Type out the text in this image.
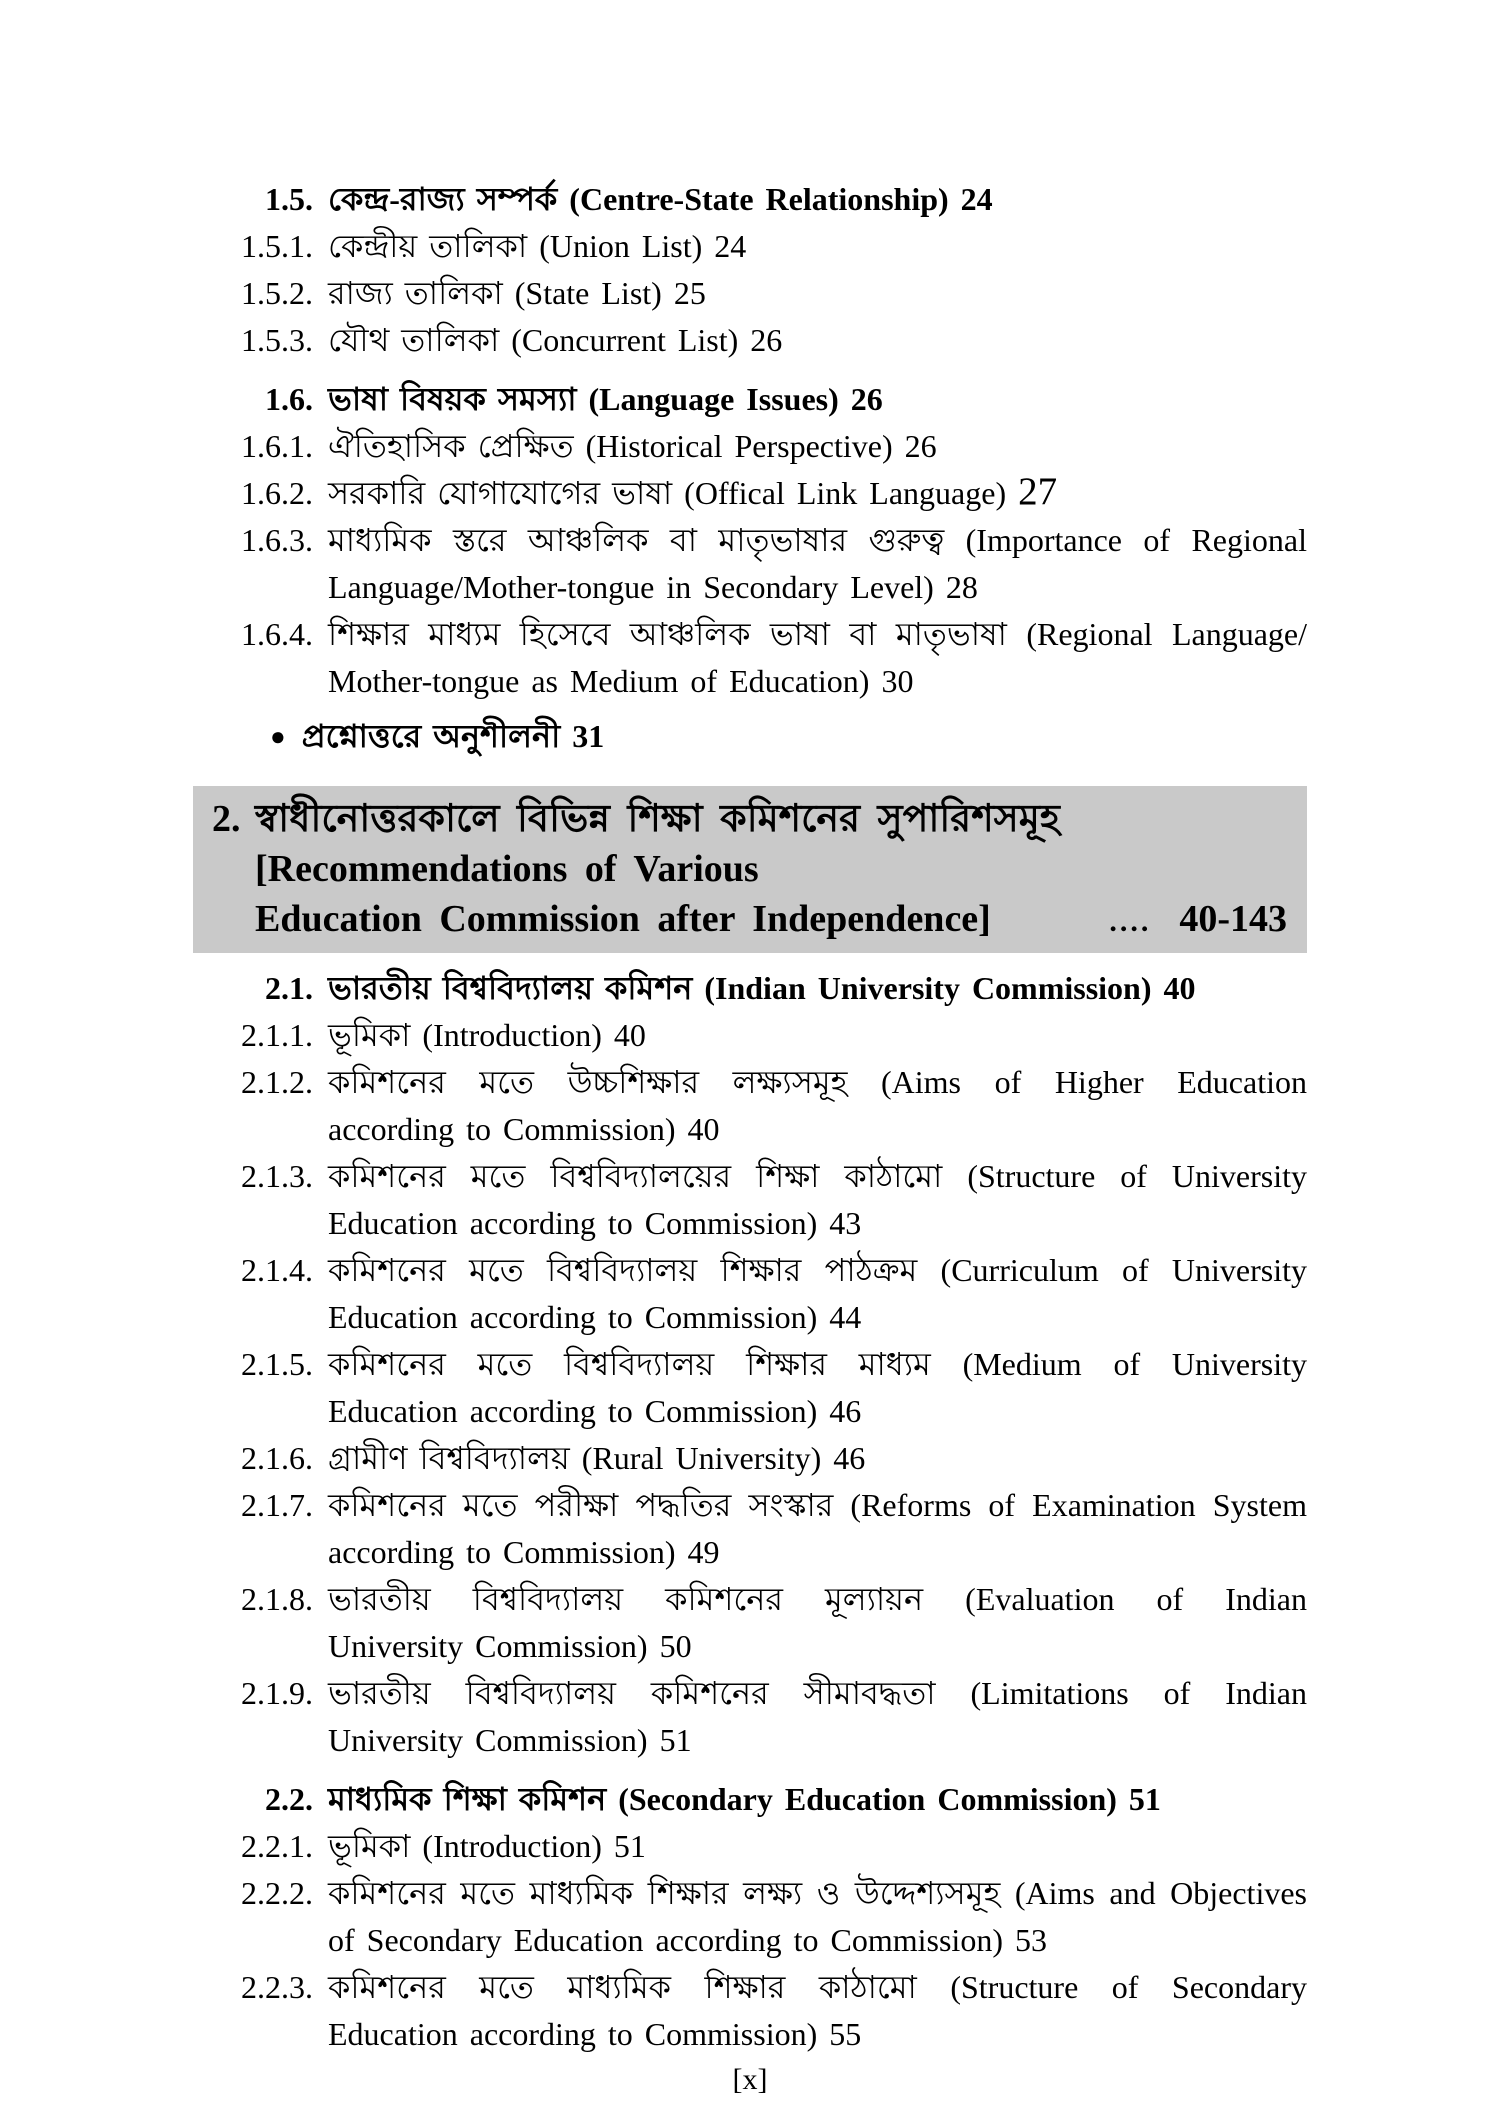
1.5. কেন্দ্র-রাজ্য সম্পর্ক (Centre-State Relationship) 24
1.5.1. কেন্দ্রীয় তালিকা (Union List) 24
1.5.2. রাজ্য তালিকা (State List) 25
1.5.3. যৌথ তালিকা (Concurrent List) 26
1.6. ভাষা বিষয়ক সমস্যা (Language Issues) 26
1.6.1. ঐতিহাসিক প্রেক্ষিত (Historical Perspective) 26
1.6.2. সরকারি যোগাযোগের ভাষা (Offical Link Language) 27
1.6.3. মাধ্যমিক স্তরে আঞ্চলিক বা মাতৃভাষার গুরুত্ব (Importance of Regional
Language/Mother-tongue in Secondary Level) 28
1.6.4. শিক্ষার মাধ্যম হিসেবে আঞ্চলিক ভাষা বা মাতৃভাষা (Regional Language/
Mother-tongue as Medium of Education) 30
● প্রশ্নোত্তরে অনুশীলনী 31
2. স্বাধীনোত্তরকালে বিভিন্ন শিক্ষা কমিশনের সুপারিশসমূহ
[Recommendations of Various
Education Commission after Independence]	.... 40-143
2.1. ভারতীয় বিশ্ববিদ্যালয় কমিশন (Indian University Commission) 40
2.1.1. ভূমিকা (Introduction) 40
2.1.2. কমিশনের মতে উচ্চশিক্ষার লক্ষ্যসমূহ (Aims of Higher Education
according to Commission) 40
2.1.3. কমিশনের মতে বিশ্ববিদ্যালয়ের শিক্ষা কাঠামো (Structure of University
Education according to Commission) 43
2.1.4. কমিশনের মতে বিশ্ববিদ্যালয় শিক্ষার পাঠক্রম (Curriculum of University
Education according to Commission) 44
2.1.5. কমিশনের মতে বিশ্ববিদ্যালয় শিক্ষার মাধ্যম (Medium of University
Education according to Commission) 46
2.1.6. গ্রামীণ বিশ্ববিদ্যালয় (Rural University) 46
2.1.7. কমিশনের মতে পরীক্ষা পদ্ধতির সংস্কার (Reforms of Examination System
according to Commission) 49
2.1.8. ভারতীয় বিশ্ববিদ্যালয় কমিশনের মূল্যায়ন (Evaluation of Indian
University Commission) 50
2.1.9. ভারতীয় বিশ্ববিদ্যালয় কমিশনের সীমাবদ্ধতা (Limitations of Indian
University Commission) 51
2.2. মাধ্যমিক শিক্ষা কমিশন (Secondary Education Commission) 51
2.2.1. ভূমিকা (Introduction) 51
2.2.2. কমিশনের মতে মাধ্যমিক শিক্ষার লক্ষ্য ও উদ্দেশ্যসমূহ (Aims and Objectives
of Secondary Education according to Commission) 53
2.2.3. কমিশনের মতে মাধ্যমিক শিক্ষার কাঠামো (Structure of Secondary
Education according to Commission) 55
[x]
